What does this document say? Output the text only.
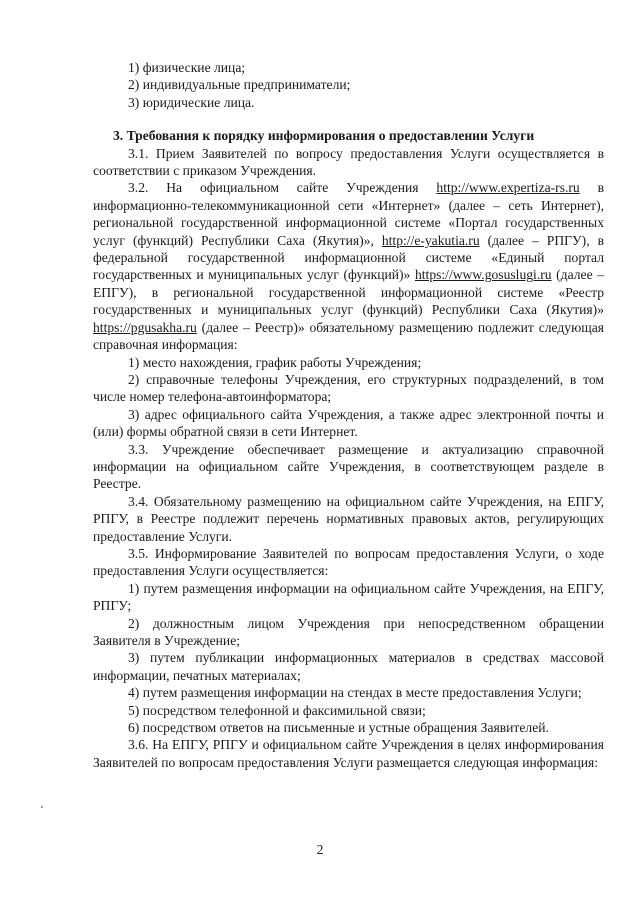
1) физические лица;

2) индивидуальные предприниматели;

3) юридические лица.

3. Требования к порядку информирования о предоставлении Услуги

3.1. Прием Заявителей по вопросу предоставления Услуги осуществляется в соответствии с приказом Учреждения.

3.2. На официальном сайте Учреждения http://www.expertiza-rs.ru в информационно-телекоммуникационной сети «Интернет» (далее – сеть Интернет), региональной государственной информационной системе «Портал государственных услуг (функций) Республики Саха (Якутия)», http://e-yakutia.ru (далее – РПГУ), в федеральной государственной информационной системе «Единый портал государственных и муниципальных услуг (функций)» https://www.gosuslugi.ru (далее – ЕПГУ), в региональной государственной информационной системе «Реестр государственных и муниципальных услуг (функций) Республики Саха (Якутия)» https://pgusakha.ru (далее – Реестр)» обязательному размещению подлежит следующая справочная информация:

1) место нахождения, график работы Учреждения;

2) справочные телефоны Учреждения, его структурных подразделений, в том числе номер телефона-автоинформатора;

3) адрес официального сайта Учреждения, а также адрес электронной почты и (или) формы обратной связи в сети Интернет.

3.3. Учреждение обеспечивает размещение и актуализацию справочной информации на официальном сайте Учреждения, в соответствующем разделе в Реестре.

3.4. Обязательному размещению на официальном сайте Учреждения, на ЕПГУ, РПГУ, в Реестре подлежит перечень нормативных правовых актов, регулирующих предоставление Услуги.

3.5. Информирование Заявителей по вопросам предоставления Услуги, о ходе предоставления Услуги осуществляется:

1) путем размещения информации на официальном сайте Учреждения, на ЕПГУ, РПГУ;

2) должностным лицом Учреждения при непосредственном обращении Заявителя в Учреждение;

3) путем публикации информационных материалов в средствах массовой информации, печатных материалах;

4) путем размещения информации на стендах в месте предоставления Услуги;

5) посредством телефонной и факсимильной связи;

6) посредством ответов на письменные и устные обращения Заявителей.

3.6. На ЕПГУ, РПГУ и официальном сайте Учреждения в целях информирования Заявителей по вопросам предоставления Услуги размещается следующая информация:

2
